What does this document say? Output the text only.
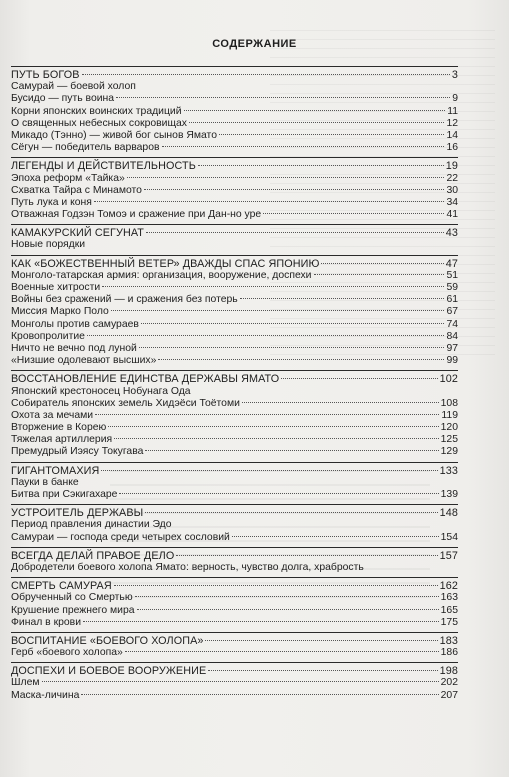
СОДЕРЖАНИЕ
ПУТЬ БОГОВ	3
Самурай — боевой холоп
Бусидо — путь воина	9
Корни японских воинских традиций	11
О священных небесных сокровищах	12
Микадо (Тэнно) — живой бог сынов Ямато	14
Сёгун — победитель варваров	16
ЛЕГЕНДЫ И ДЕЙСТВИТЕЛЬНОСТЬ	19
Эпоха реформ «Тайка»	22
Схватка Тайра с Минамото	30
Путь лука и коня	34
Отважная Годзэн Томоэ и сражение при Дан-но уре	41
КАМАКУРСКИЙ СЕГУНАТ	43
Новые порядки
КАК «БОЖЕСТВЕННЫЙ ВЕТЕР» ДВАЖДЫ СПАС ЯПОНИЮ	47
Монголо-татарская армия: организация, вооружение, доспехи	51
Военные хитрости	59
Войны без сражений — и сражения без потерь	61
Миссия Марко Поло	67
Монголы против самураев	74
Кровопролитие	84
Ничто не вечно под луной	97
«Низшие одолевают высших»	99
ВОССТАНОВЛЕНИЕ ЕДИНСТВА ДЕРЖАВЫ ЯМАТО	102
Японский крестоносец Нобунага Ода
Собиратель японских земель Хидэёси Тоётоми	108
Охота за мечами	119
Вторжение в Корею	120
Тяжелая артиллерия	125
Премудрый Иэясу Токугава	129
ГИГАНТОМАХИЯ	133
Пауки в банке
Битва при Сэкигахаре	139
УСТРОИТЕЛЬ ДЕРЖАВЫ	148
Период правления династии Эдо
Самураи — господа среди четырех сословий	154
ВСЕГДА ДЕЛАЙ ПРАВОЕ ДЕЛО	157
Добродетели боевого холопа Ямато: верность, чувство долга, храбрость
СМЕРТЬ САМУРАЯ	162
Обрученный со Смертью	163
Крушение прежнего мира	165
Финал в крови	175
ВОСПИТАНИЕ «БОЕВОГО ХОЛОПА»	183
Герб «боевого холопа»	186
ДОСПЕХИ И БОЕВОЕ ВООРУЖЕНИЕ	198
Шлем	202
Маска-личина	207
